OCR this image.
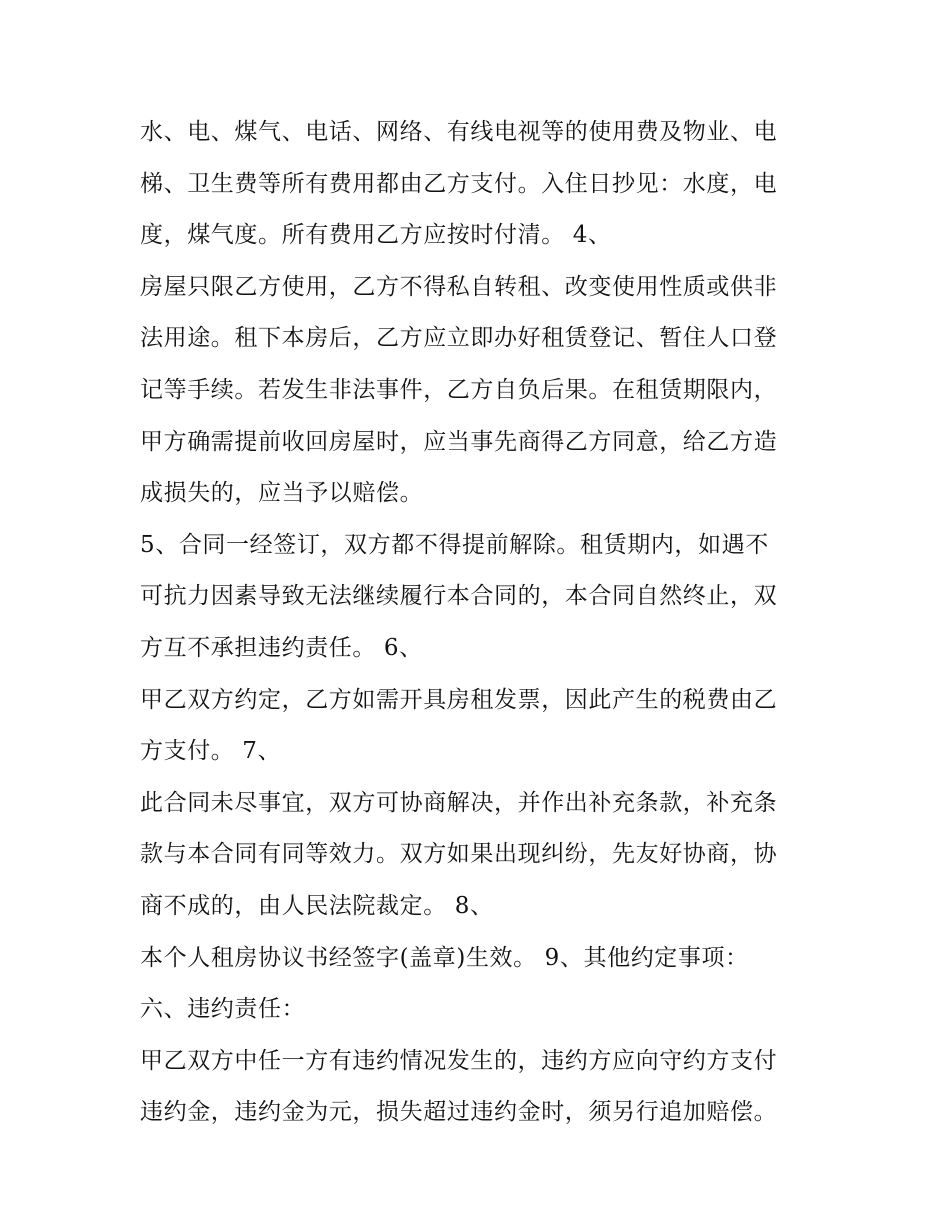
水、电、煤气、电话、网络、有线电视等的使用费及物业、电
梯、卫生费等所有费用都由乙方支付。入住日抄见：水度，电
度，煤气度。所有费用乙方应按时付清。 4、
房屋只限乙方使用，乙方不得私自转租、改变使用性质或供非
法用途。租下本房后，乙方应立即办好租赁登记、暂住人口登
记等手续。若发生非法事件，乙方自负后果。在租赁期限内，
甲方确需提前收回房屋时，应当事先商得乙方同意，给乙方造
成损失的，应当予以赔偿。
5、合同一经签订，双方都不得提前解除。租赁期内，如遇不
可抗力因素导致无法继续履行本合同的，本合同自然终止，双
方互不承担违约责任。 6、
甲乙双方约定，乙方如需开具房租发票，因此产生的税费由乙
方支付。 7、
此合同未尽事宜，双方可协商解决，并作出补充条款，补充条
款与本合同有同等效力。双方如果出现纠纷，先友好协商，协
商不成的，由人民法院裁定。 8、
本个人租房协议书经签字(盖章)生效。 9、其他约定事项：
六、违约责任：
甲乙双方中任一方有违约情况发生的，违约方应向守约方支付
违约金，违约金为元，损失超过违约金时，须另行追加赔偿。
